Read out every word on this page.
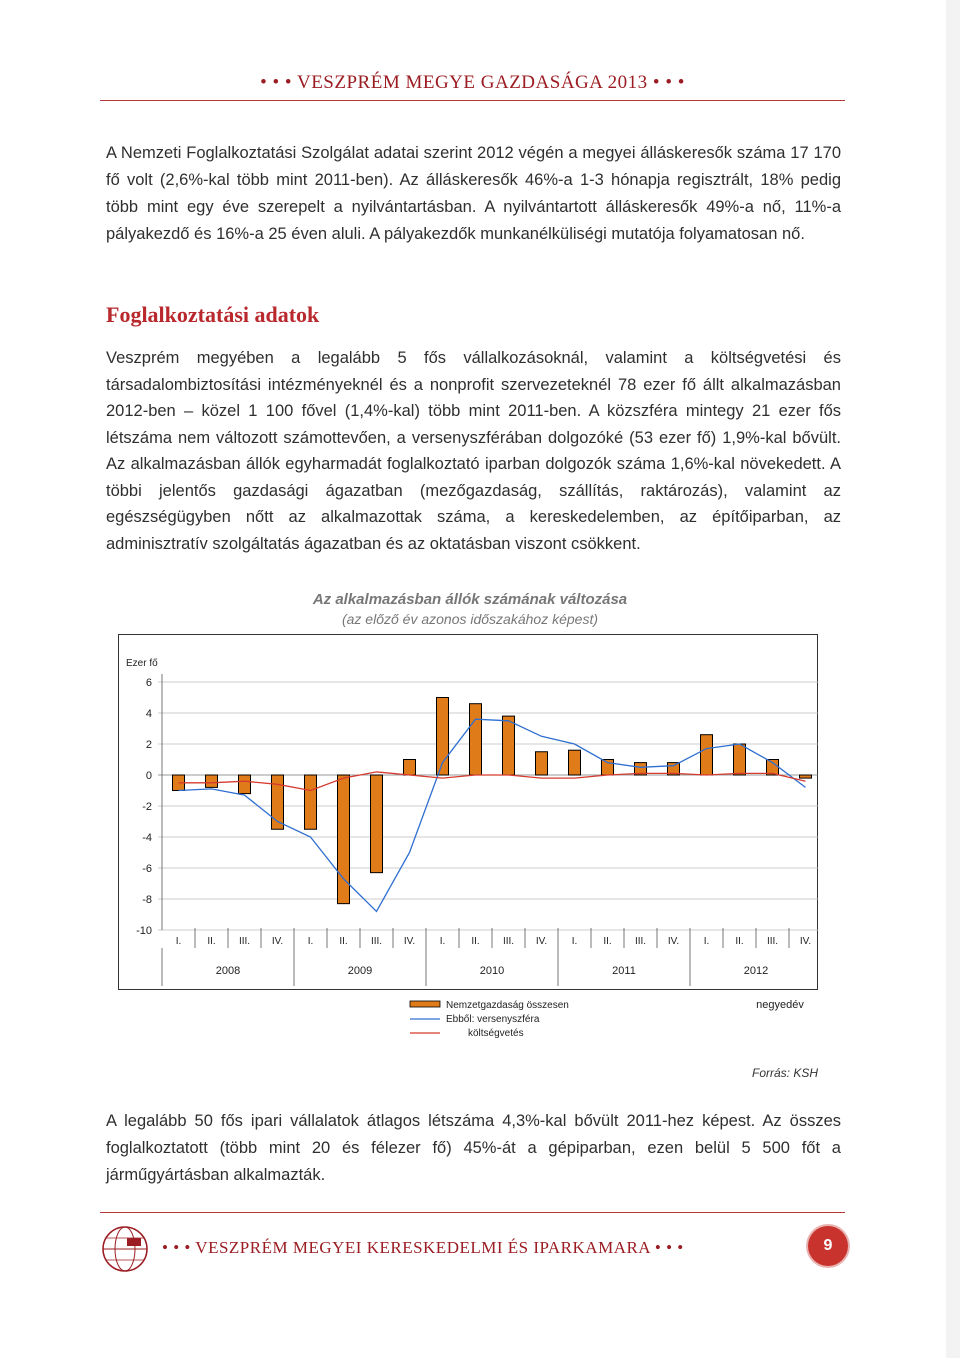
• • • VESZPRÉM MEGYE GAZDASÁGA 2013 • • •
A Nemzeti Foglalkoztatási Szolgálat adatai szerint 2012 végén a megyei álláskeresők száma 17 170 fő volt (2,6%-kal több mint 2011-ben). Az álláskeresők 46%-a 1-3 hónapja regisztrált, 18% pedig több mint egy éve szerepelt a nyilvántartásban. A nyilvántartott álláskeresők 49%-a nő, 11%-a pályakezdő és 16%-a 25 éven aluli. A pályakezdők munkanélküliségi mutatója folyamatosan nő.
Foglalkoztatási adatok
Veszprém megyében a legalább 5 fős vállalkozásoknál, valamint a költségvetési és társadalombiztosítási intézményeknél és a nonprofit szervezeteknél 78 ezer fő állt alkalmazásban 2012-ben – közel 1 100 fővel (1,4%-kal) több mint 2011-ben. A közszféra mintegy 21 ezer fős létszáma nem változott számottevően, a versenyszférában dolgozóké (53 ezer fő) 1,9%-kal bővült. Az alkalmazásban állók egyharmadát foglalkoztató iparban dolgozók száma 1,6%-kal növekedett. A többi jelentős gazdasági ágazatban (mezőgazdaság, szállítás, raktározás), valamint az egészségügyben nőtt az alkalmazottak száma, a kereskedelemben, az építőiparban, az adminisztratív szolgáltatás ágazatban és az oktatásban viszont csökkent.
Az alkalmazásban állók számának változása
(az előző év azonos időszakához képest)
Ezer fő
6
4
2
0
-2
-4
-6
-8
-10
I.	II. III. IV. I.	II. III. IV. I.	II. III. IV. I.	II. III. IV. I.	II. III. IV.
2008	2009	2010	2011	2012
Nemzetgazdaság összesen
Ebből: versenyszféra
költségvetés
negyedév
Forrás: KSH
A legalább 50 fős ipari vállalatok átlagos létszáma 4,3%-kal bővült 2011-hez képest. Az összes foglalkoztatott (több mint 20 és félezer fő) 45%-át a gépiparban, ezen belül 5 500 főt a járműgyártásban alkalmazták.
• • • VESZPRÉM MEGYEI KERESKEDELMI ÉS IPARKAMARA • • •	9
